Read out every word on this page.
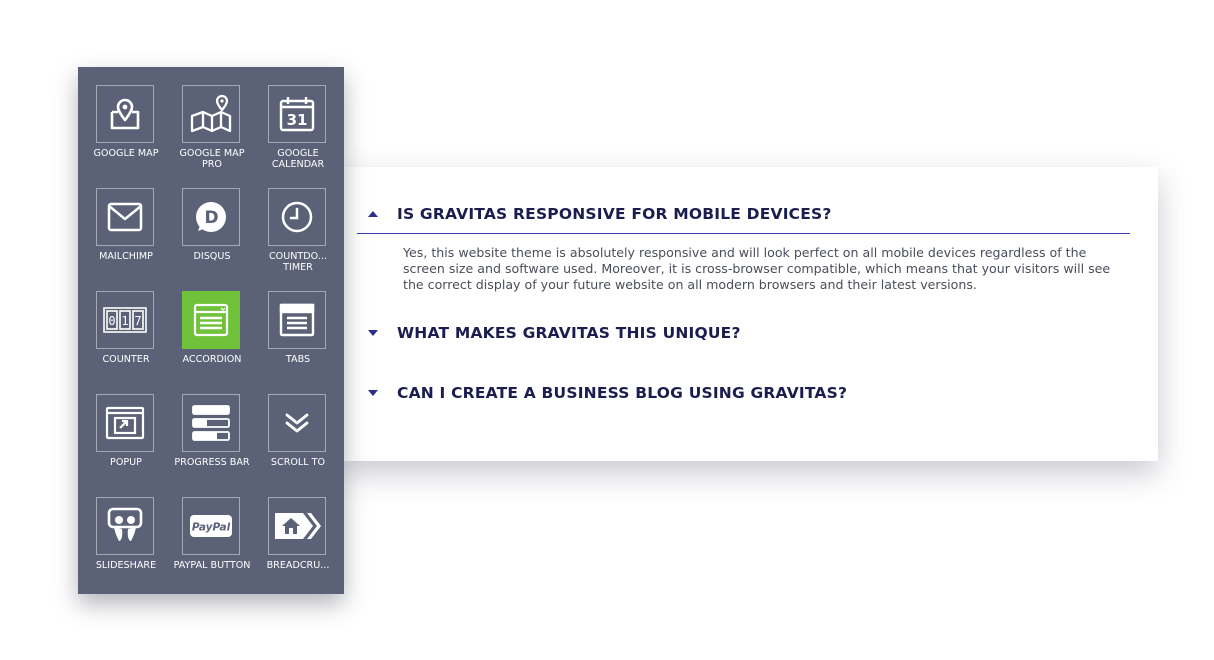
IS GRAVITAS RESPONSIVE FOR MOBILE DEVICES?
Yes, this website theme is absolutely responsive and will look perfect on all mobile devices regardless of the screen size and software used. Moreover, it is cross-browser compatible, which means that your visitors will see the correct display of your future website on all modern browsers and their latest versions.
WHAT MAKES GRAVITAS THIS UNIQUE?
CAN I CREATE A BUSINESS BLOG USING GRAVITAS?
GOOGLE MAP	GOOGLE MAP PRO
31
GOOGLE CALENDAR
MAILCHIMP
D
DISQUS	COUNTDO... TIMER
0 1 7
COUNTER	ACCORDION	TABS
POPUP	PROGRESS BAR	SCROLL TO
SLIDESHARE
PayPal
PAYPAL BUTTON	BREADCRU...
